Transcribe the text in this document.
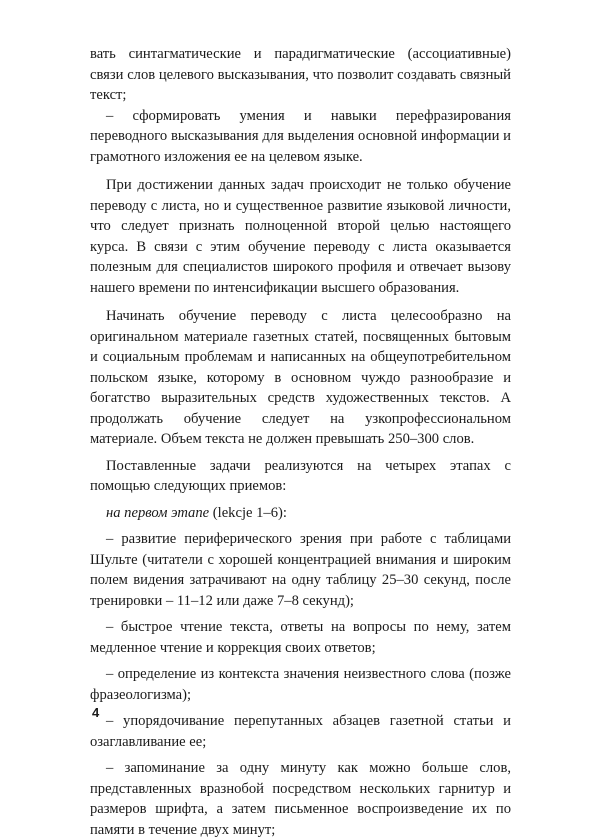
вать синтагматические и парадигматические (ассоциативные) связи слов целевого высказывания, что позволит создавать связный текст;

– сформировать умения и навыки перефразирования переводного высказывания для выделения основной информации и грамотного изложения ее на целевом языке.

При достижении данных задач происходит не только обучение переводу с листа, но и существенное развитие языковой личности, что следует признать полноценной второй целью настоящего курса. В связи с этим обучение переводу с листа оказывается полезным для специалистов широкого профиля и отвечает вызову нашего времени по интенсификации высшего образования.

Начинать обучение переводу с листа целесообразно на оригинальном материале газетных статей, посвященных бытовым и социальным проблемам и написанных на общеупотребительном польском языке, которому в основном чуждо разнообразие и богатство выразительных средств художественных текстов. А продолжать обучение следует на узкопрофессиональном материале. Объем текста не должен превышать 250–300 слов.

Поставленные задачи реализуются на четырех этапах с помощью следующих приемов:

на первом этапе (lekcje 1–6):

– развитие периферического зрения при работе с таблицами Шульте (читатели с хорошей концентрацией внимания и широким полем видения затрачивают на одну таблицу 25–30 секунд, после тренировки – 11–12 или даже 7–8 секунд);

– быстрое чтение текста, ответы на вопросы по нему, затем медленное чтение и коррекция своих ответов;

– определение из контекста значения неизвестного слова (позже фразеологизма);

– упорядочивание перепутанных абзацев газетной статьи и озаглавливание ее;

– запоминание за одну минуту как можно больше слов, представленных вразнобой посредством нескольких гарнитур и размеров шрифта, а затем письменное воспроизведение их по памяти в течение двух минут;

4
